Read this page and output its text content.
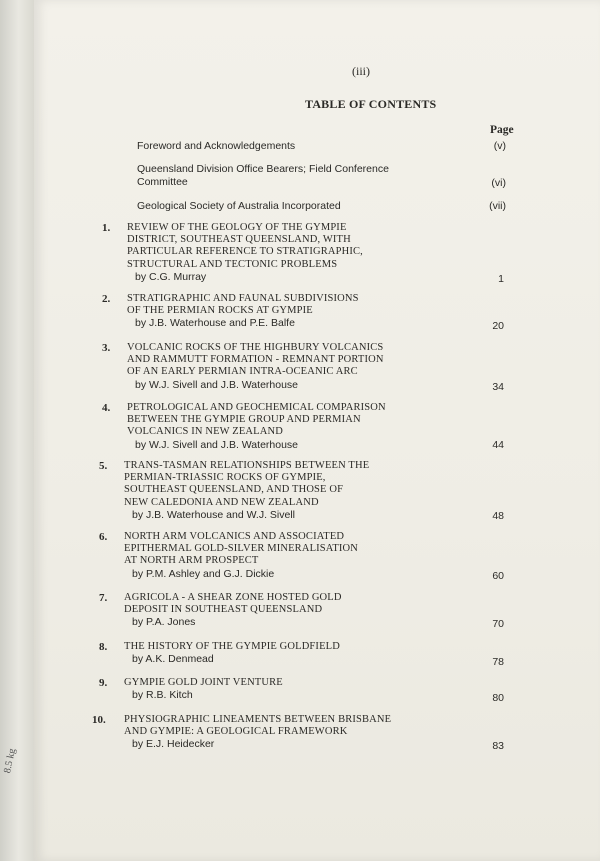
8.5 kg
(iii)
TABLE OF CONTENTS
Page
Foreword and Acknowledgements	(v)
Queensland Division Office Bearers; Field Conference
Committee	(vi)
Geological Society of Australia Incorporated	(vii)
1. REVIEW OF THE GEOLOGY OF THE GYMPIE
DISTRICT, SOUTHEAST QUEENSLAND, WITH
PARTICULAR REFERENCE TO STRATIGRAPHIC,
STRUCTURAL AND TECTONIC PROBLEMS
by C.G. Murray	1
2. STRATIGRAPHIC AND FAUNAL SUBDIVISIONS
OF THE PERMIAN ROCKS AT GYMPIE
by J.B. Waterhouse and P.E. Balfe	20
3. VOLCANIC ROCKS OF THE HIGHBURY VOLCANICS
AND RAMMUTT FORMATION - REMNANT PORTION
OF AN EARLY PERMIAN INTRA-OCEANIC ARC
by W.J. Sivell and J.B. Waterhouse	34
4. PETROLOGICAL AND GEOCHEMICAL COMPARISON
BETWEEN THE GYMPIE GROUP AND PERMIAN
VOLCANICS IN NEW ZEALAND
by W.J. Sivell and J.B. Waterhouse	44
5. TRANS-TASMAN RELATIONSHIPS BETWEEN THE
PERMIAN-TRIASSIC ROCKS OF GYMPIE,
SOUTHEAST QUEENSLAND, AND THOSE OF
NEW CALEDONIA AND NEW ZEALAND
by J.B. Waterhouse and W.J. Sivell	48
6. NORTH ARM VOLCANICS AND ASSOCIATED
EPITHERMAL GOLD-SILVER MINERALISATION
AT NORTH ARM PROSPECT
by P.M. Ashley and G.J. Dickie	60
7. AGRICOLA - A SHEAR ZONE HOSTED GOLD
DEPOSIT IN SOUTHEAST QUEENSLAND
by P.A. Jones	70
8. THE HISTORY OF THE GYMPIE GOLDFIELD
by A.K. Denmead	78
9. GYMPIE GOLD JOINT VENTURE
by R.B. Kitch	80
10. PHYSIOGRAPHIC LINEAMENTS BETWEEN BRISBANE
AND GYMPIE: A GEOLOGICAL FRAMEWORK
by E.J. Heidecker	83
